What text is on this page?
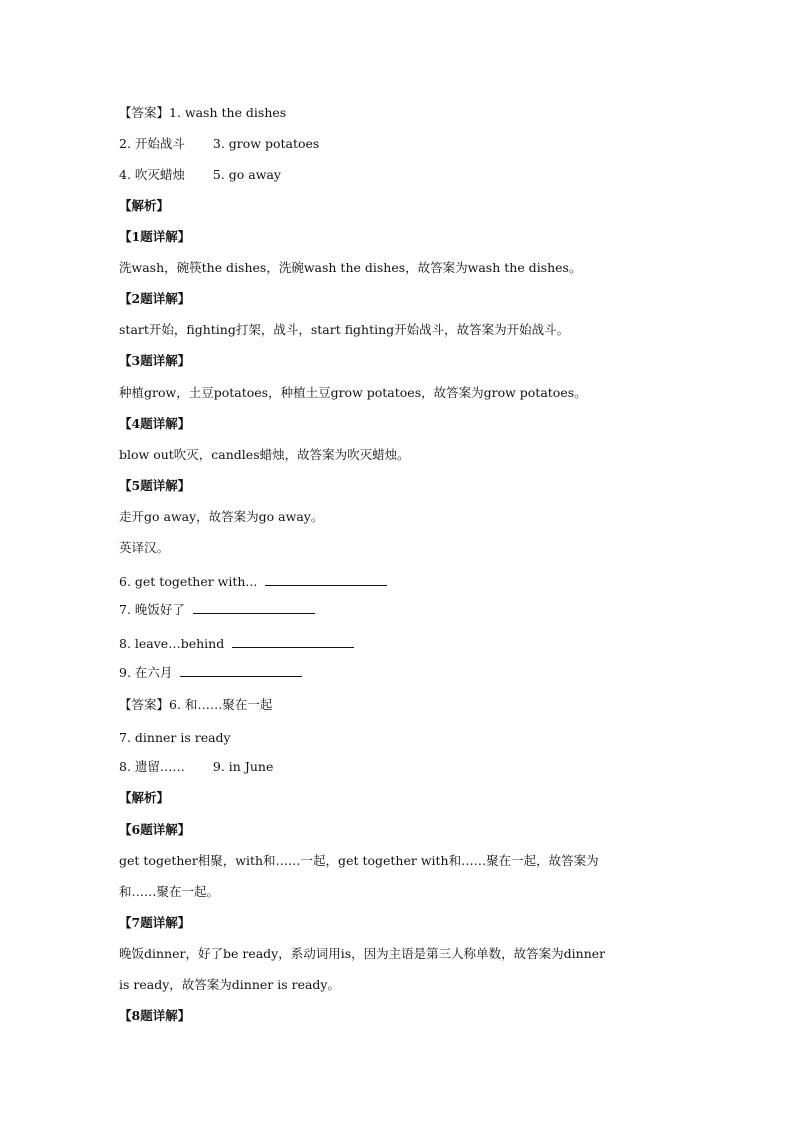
【答案】1. wash the dishes
2. 开始战斗 3. grow potatoes
4. 吹灭蜡烛 5. go away
【解析】
【1题详解】
洗wash，碗筷the dishes，洗碗wash the dishes，故答案为wash the dishes。
【2题详解】
start开始，fighting打架，战斗，start fighting开始战斗，故答案为开始战斗。
【3题详解】
种植grow，土豆potatoes，种植土豆grow potatoes，故答案为grow potatoes。
【4题详解】
blow out吹灭，candles蜡烛，故答案为吹灭蜡烛。
【5题详解】
走开go away，故答案为go away。
英译汉。
6. get together with...
7. 晚饭好了
8. leave…behind
9. 在六月
【答案】6. 和……聚在一起
7. dinner is ready
8. 遗留…… 9. in June
【解析】
【6题详解】
get together相聚，with和……一起，get together with和……聚在一起，故答案为
和……聚在一起。
【7题详解】
晚饭dinner，好了be ready，系动词用is，因为主语是第三人称单数，故答案为dinner
is ready，故答案为dinner is ready。
【8题详解】
